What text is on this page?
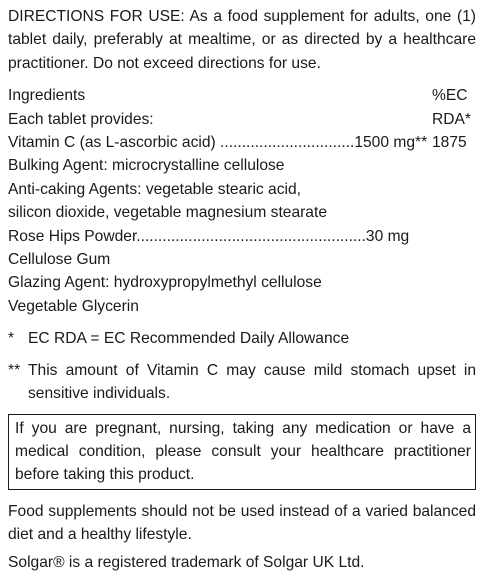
DIRECTIONS FOR USE: As a food supplement for adults, one (1) tablet daily, preferably at mealtime, or as directed by a healthcare practitioner. Do not exceed directions for use.

Ingredients	%EC
Each tablet provides:	RDA*
Vitamin C (as L-ascorbic acid) ...............................1500 mg**	1875
Bulking Agent: microcrystalline cellulose	
Anti-caking Agents: vegetable stearic acid,	
silicon dioxide, vegetable magnesium stearate	
Rose Hips Powder.....................................................30 mg	
Cellulose Gum	
Glazing Agent: hydroxypropylmethyl cellulose	
Vegetable Glycerin	
* EC RDA = EC Recommended Daily Allowance
** This amount of Vitamin C may cause mild stomach upset in sensitive individuals.
If you are pregnant, nursing, taking any medication or have a medical condition, please consult your healthcare practitioner before taking this product.

Food supplements should not be used instead of a varied balanced diet and a healthy lifestyle.

Solgar® is a registered trademark of Solgar UK Ltd.
